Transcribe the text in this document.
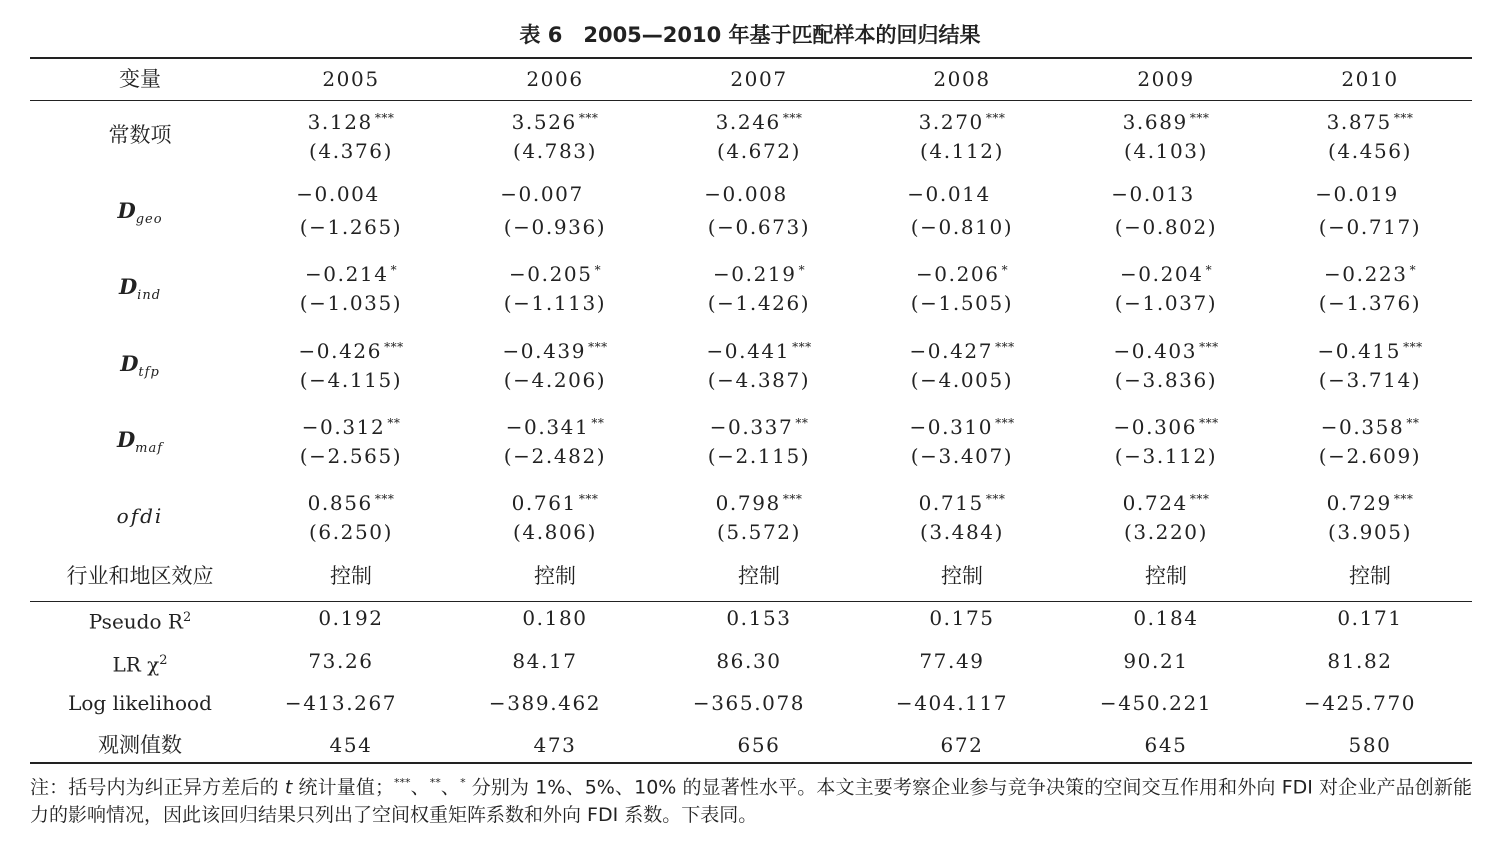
表 6　2005—2010 年基于匹配样本的回归结果
变量	2005	2006	2007	2008	2009	2010
常数项
3.128 ***	3.526 ***	3.246 ***	3.270 ***	3.689 ***	3.875 ***
(4.376)	(4.783)	(4.672)	(4.112)	(4.103)	(4.456)
$D_{geo}$
−0.004	−0.007	−0.008	−0.014	−0.013	−0.019
(−1.265)	(−0.936)	(−0.673)	(−0.810)	(−0.802)	(−0.717)
$D_{ind}$
−0.214 *	−0.205 *	−0.219 *	−0.206 *	−0.204 *	−0.223 *
(−1.035)	(−1.113)	(−1.426)	(−1.505)	(−1.037)	(−1.376)
$D_{tfp}$
−0.426 ***	−0.439 ***	−0.441 ***	−0.427 ***	−0.403 ***	−0.415 ***
(−4.115)	(−4.206)	(−4.387)	(−4.005)	(−3.836)	(−3.714)
$D_{maf}$
−0.312 **	−0.341 **	−0.337 **	−0.310 ***	−0.306 ***	−0.358 **
(−2.565)	(−2.482)	(−2.115)	(−3.407)	(−3.112)	(−2.609)
ofdi
0.856 ***	0.761 ***	0.798 ***	0.715 ***	0.724 ***	0.729 ***
(6.250)	(4.806)	(5.572)	(3.484)	(3.220)	(3.905)
行业和地区效应	控制	控制	控制	控制	控制	控制
Pseudo $R^2$	0.192	0.180	0.153	0.175	0.184	0.171
LR $\chi^2$	73.26	84.17	86.30	77.49	90.21	81.82
Log likelihood	−413.267	−389.462	−365.078	−404.117	−450.221	−425.770
观测值数	454	473	656	672	645	580
注：括号内为纠正异方差后的 t 统计量值；***、**、* 分别为 1%、5%、10% 的显著性水平。本文主要考察企业参与竞争决策的空间交互作用和外向 FDI 对企业产品创新能力的影响情况，因此该回归结果只列出了空间权重矩阵系数和外向 FDI 系数。下表同。
